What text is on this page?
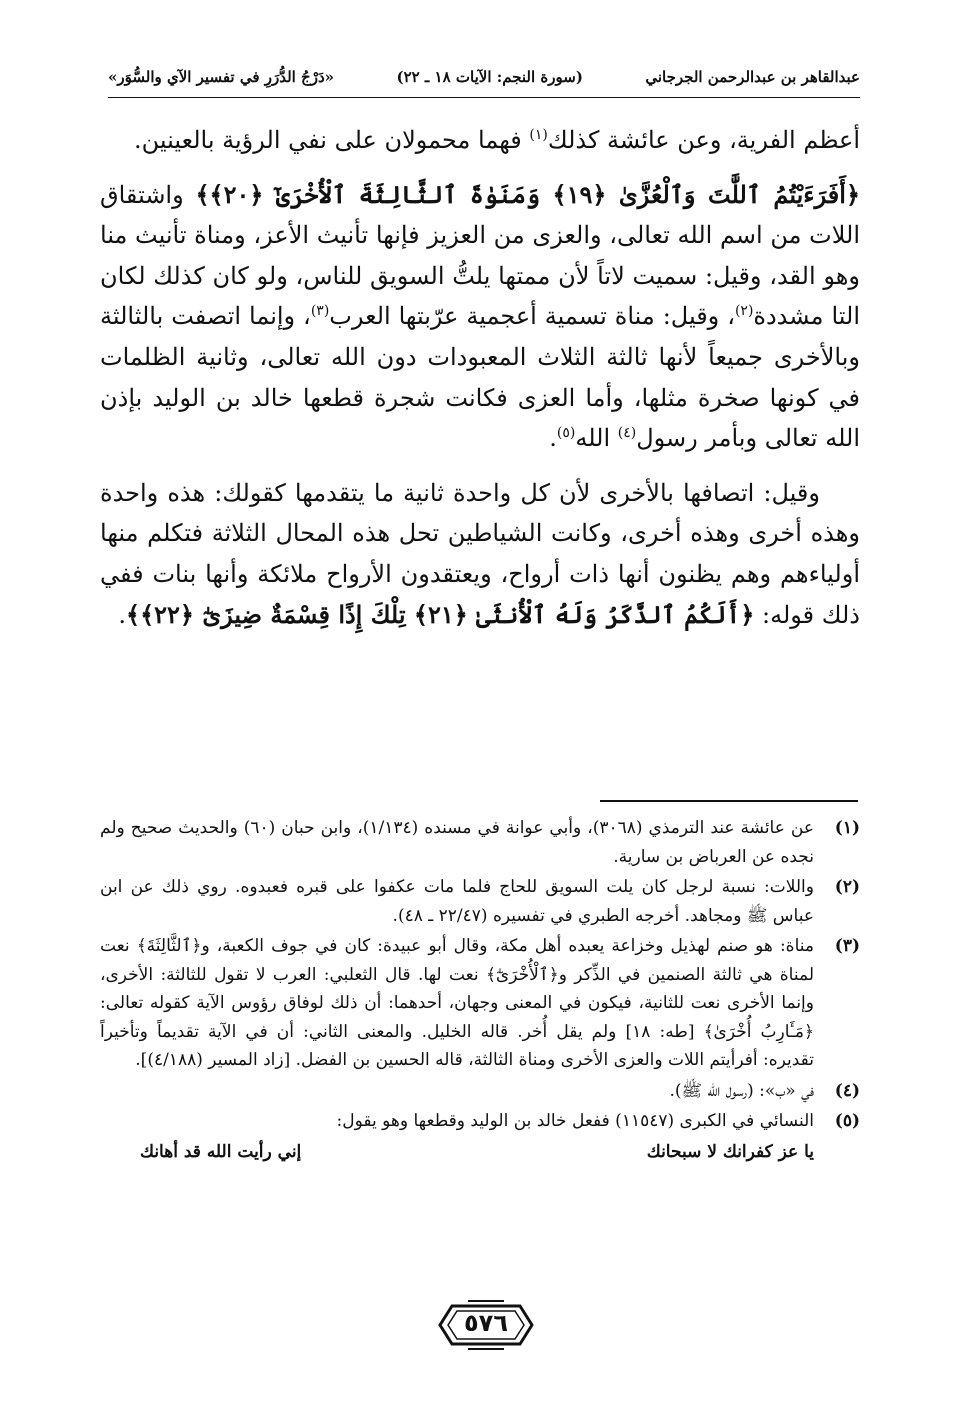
عبدالقاهر بن عبدالرحمن الجرجاني
(سورة النجم: الآيات ١٨ ـ ٢٢)
«دَرْجُ الدُّرَرِ في تفسير الآي والسُّوَر»

أعظم الفرية، وعن عائشة كذلك$^{(١)}$ فهما محمولان على نفي الرؤية بالعينين.

﴿أَفَرَءَيْتُمُ ٱللَّٰتَ وَٱلْعُزَّىٰ ﴿١٩﴾ وَمَنَوٰةَ ٱلثَّالِثَةَ ٱلْأُخْرَىٰٓ ﴿٢٠﴾﴾ واشتقاق اللات من اسم الله تعالى، والعزى من العزيز فإنها تأنيث الأعز، ومناة تأنيث منا وهو القد، وقيل: سميت لاتاً لأن ممتها يلتُّ السويق للناس، ولو كان كذلك لكان التا مشددة$^{(٢)}$، وقيل: مناة تسمية أعجمية عرّبتها العرب$^{(٣)}$، وإنما اتصفت بالثالثة وبالأخرى جميعاً لأنها ثالثة الثلاث المعبودات دون الله تعالى، وثانية الظلمات في كونها صخرة مثلها، وأما العزى فكانت شجرة قطعها خالد بن الوليد بإذن الله تعالى وبأمر رسول$^{(٤)}$ الله$^{(٥)}$.

وقيل: اتصافها بالأخرى لأن كل واحدة ثانية ما يتقدمها كقولك: هذه واحدة وهذه أخرى وهذه أخرى، وكانت الشياطين تحل هذه المحال الثلاثة فتكلم منها أولياءهم وهم يظنون أنها ذات أرواح، ويعتقدون الأرواح ملائكة وأنها بنات ففي ذلك قوله: ﴿أَلَكُمُ ٱلذَّكَرُ وَلَهُ ٱلْأُنثَىٰ ﴿٢١﴾ تِلْكَ إِذًا قِسْمَةٌ ضِيزَىٰٓ ﴿٢٢﴾﴾.

(١)
عن عائشة عند الترمذي (٣٠٦٨)، وأبي عوانة في مسنده (١/١٣٤)، وابن حبان (٦٠) والحديث صحيح ولم نجده عن العرباض بن سارية.
(٢)
واللات: نسبة لرجل كان يلت السويق للحاج فلما مات عكفوا على قبره فعبدوه. روي ذلك عن ابن عباس ﷺ ومجاهد. أخرجه الطبري في تفسيره (٢٢/٤٧ ـ ٤٨).
(٣)
مناة: هو صنم لهذيل وخزاعة يعبده أهل مكة، وقال أبو عبيدة: كان في جوف الكعبة، و﴿ٱلثَّالِثَةَ﴾ نعت لمناة هي ثالثة الصنمين في الذِّكر و﴿ٱلْأُخْرَىٰٓ﴾ نعت لها. قال الثعلبي: العرب لا تقول للثالثة: الأخرى، وإنما الأخرى نعت للثانية، فيكون في المعنى وجهان، أحدهما: أن ذلك لوفاق رؤوس الآية كقوله تعالى: ﴿مَـَٔارِبُ أُخْرَىٰ﴾ [طه: ١٨] ولم يقل أُخر. قاله الخليل. والمعنى الثاني: أن في الآية تقديماً وتأخيراً تقديره: أفرأيتم اللات والعزى الأخرى ومناة الثالثة، قاله الحسين بن الفضل. [زاد المسير (٤/١٨٨)].
(٤)
في «ب»: (رسول الله ﷺ).
(٥)
النسائي في الكبرى (١١٥٤٧) ففعل خالد بن الوليد وقطعها وهو يقول:
يا عز كفرانك لا سبحانك
إني رأيت الله قد أهانك
٥٧٦
